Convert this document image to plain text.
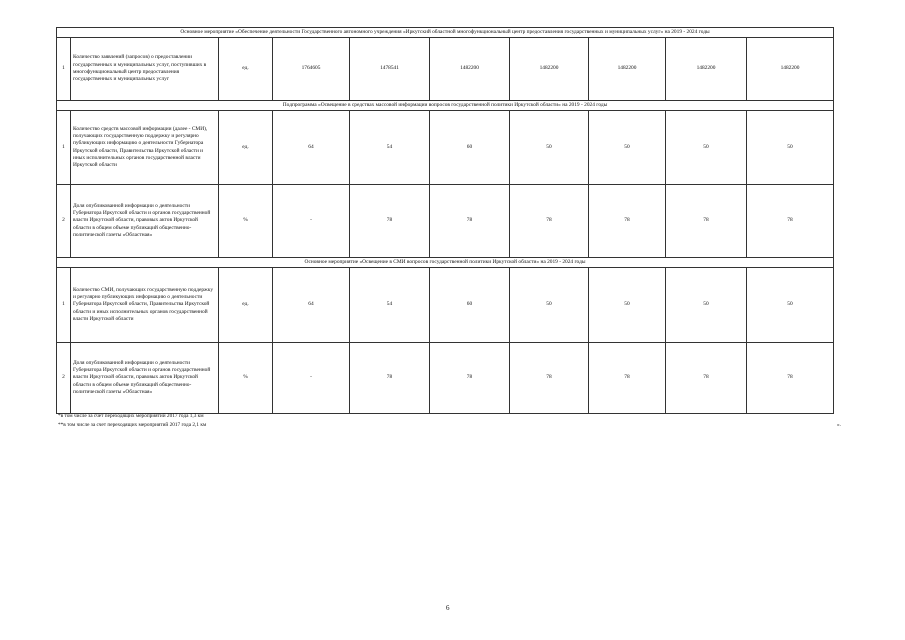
Основное мероприятие «Обеспечение деятельности Государственного автономного учреждения «Иркутский областной многофункциональный центр предоставления государственных и муниципальных услуг» на 2019 - 2024 годы										
1	Количество заявлений (запросов) о предоставлении государственных и муниципальных услуг, поступивших в многофункциональный центр предоставления государственных и муниципальных услуг	ед.	1764605	1478541	1482200	1482200	1482200	1482200	1482200	
Подпрограмма «Освещение в средствах массовой информации вопросов государственной политики Иркутской области» на 2019 - 2024 годы										
1	Количество средств массовой информации (далее - СМИ), получающих государственную поддержку и регулярно публикующих информацию о деятельности Губернатора Иркутской области, Правительства Иркутской области и иных исполнительных органов государственной власти Иркутской области	ед.	64	54	60	50	50	50	50	
2	Доля опубликованной информации о деятельности Губернатора Иркутской области и органов государственной власти Иркутской области, правовых актов Иркутской области в общем объеме публикаций общественно-политической газеты «Областная»	%	-	78	78	78	78	78	78	
Основное мероприятие «Освещение в СМИ вопросов государственной политики Иркутской области» на 2019 - 2024 годы										
1	Количество СМИ, получающих государственную поддержку и регулярно публикующих информацию о деятельности Губернатора Иркутской области, Правительства Иркутской области и иных исполнительных органов государственной власти Иркутской области	ед.	64	54	60	50	50	50	50	
2	Доля опубликованной информации о деятельности Губернатора Иркутской области и органов государственной власти Иркутской области, правовых актов Иркутской области в общем объеме публикаций общественно-политической газеты «Областная»	%	-	78	78	78	78	78	78	
*в том числе за счет переходящих мероприятий 2017 года 1,3 км
**в том числе за счет переходящих мероприятий 2017 года 2,1 км	».
6
